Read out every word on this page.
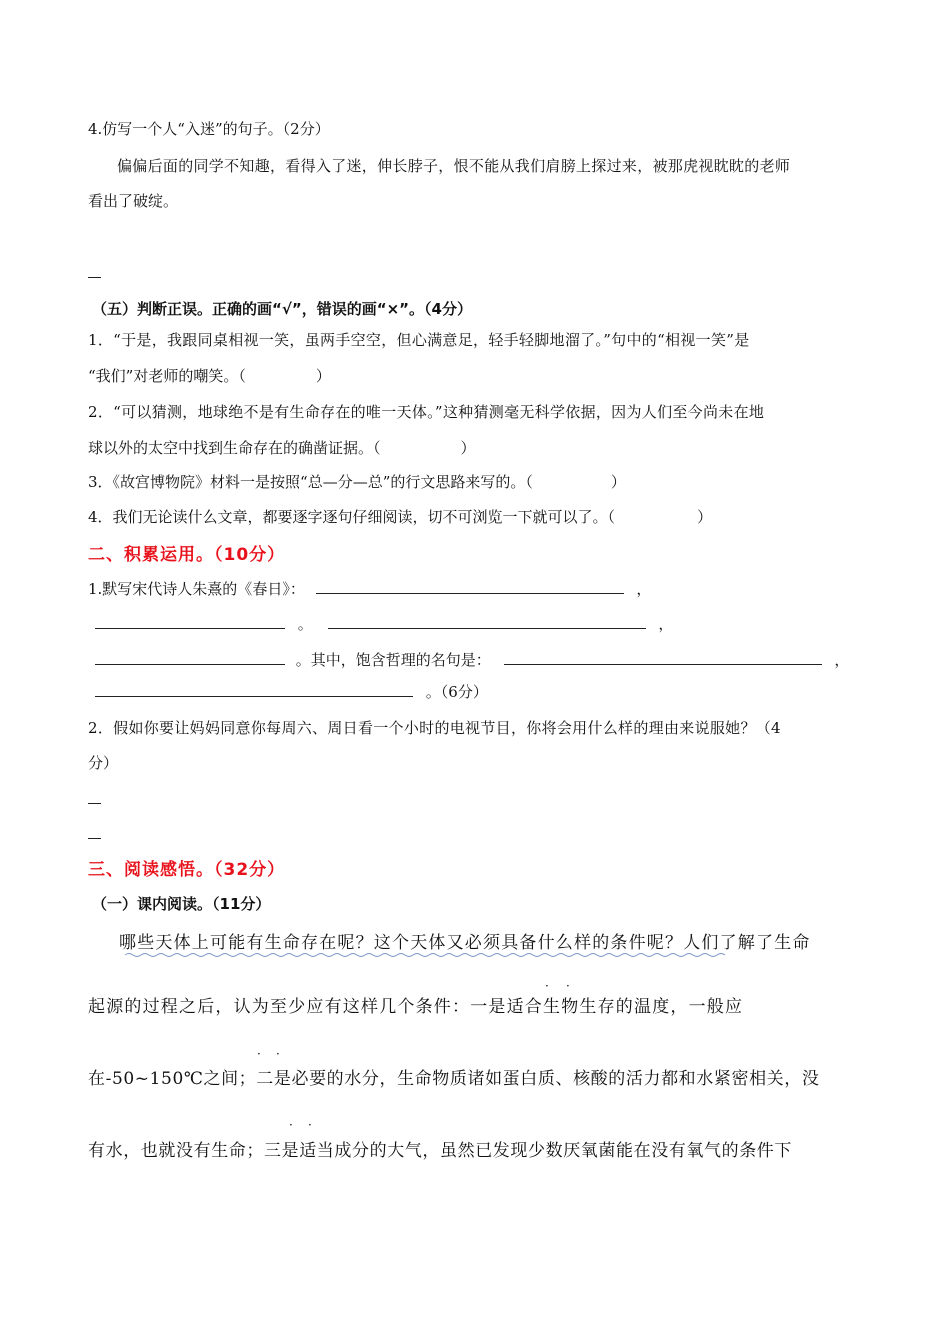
4.仿写一个人“入迷”的句子。（2分）
偏偏后面的同学不知趣，看得入了迷，伸长脖子，恨不能从我们肩膀上探过来，被那虎视眈眈的老师
看出了破绽。
（五）判断正误。正确的画“√”，错误的画“×”。（4分）
1．“于是，我跟同桌相视一笑，虽两手空空，但心满意足，轻手轻脚地溜了。”句中的“相视一笑”是
“我们”对老师的嘲笑。（	）
2．“可以猜测，地球绝不是有生命存在的唯一天体。”这种猜测毫无科学依据，因为人们至今尚未在地
球以外的太空中找到生命存在的确凿证据。（	）
3．《故宫博物院》材料一是按照“总—分—总”的行文思路来写的。（	）
4．我们无论读什么文章，都要逐字逐句仔细阅读，切不可浏览一下就可以了。（	）
二、积累运用。（10分）
1.默写宋代诗人朱熹的《春日》：	，
。	，
。其中，饱含哲理的名句是：	，
。（6分）
2．假如你要让妈妈同意你每周六、周日看一个小时的电视节目，你将会用什么样的理由来说服她？（4
分）
三、阅读感悟。（32分）
（一）课内阅读。（11分）
哪些天体上可能有生命存在呢？这个天体又必须具备什么样的条件呢？人们了解了生命
· ·
起源的过程之后，认为至少应有这样几个条件：一是适合生物生存的温度，一般应
· ·
在-50~150℃之间；二是必要的水分，生命物质诸如蛋白质、核酸的活力都和水紧密相关，没
· ·
有水，也就没有生命；三是适当成分的大气，虽然已发现少数厌氧菌能在没有氧气的条件下
